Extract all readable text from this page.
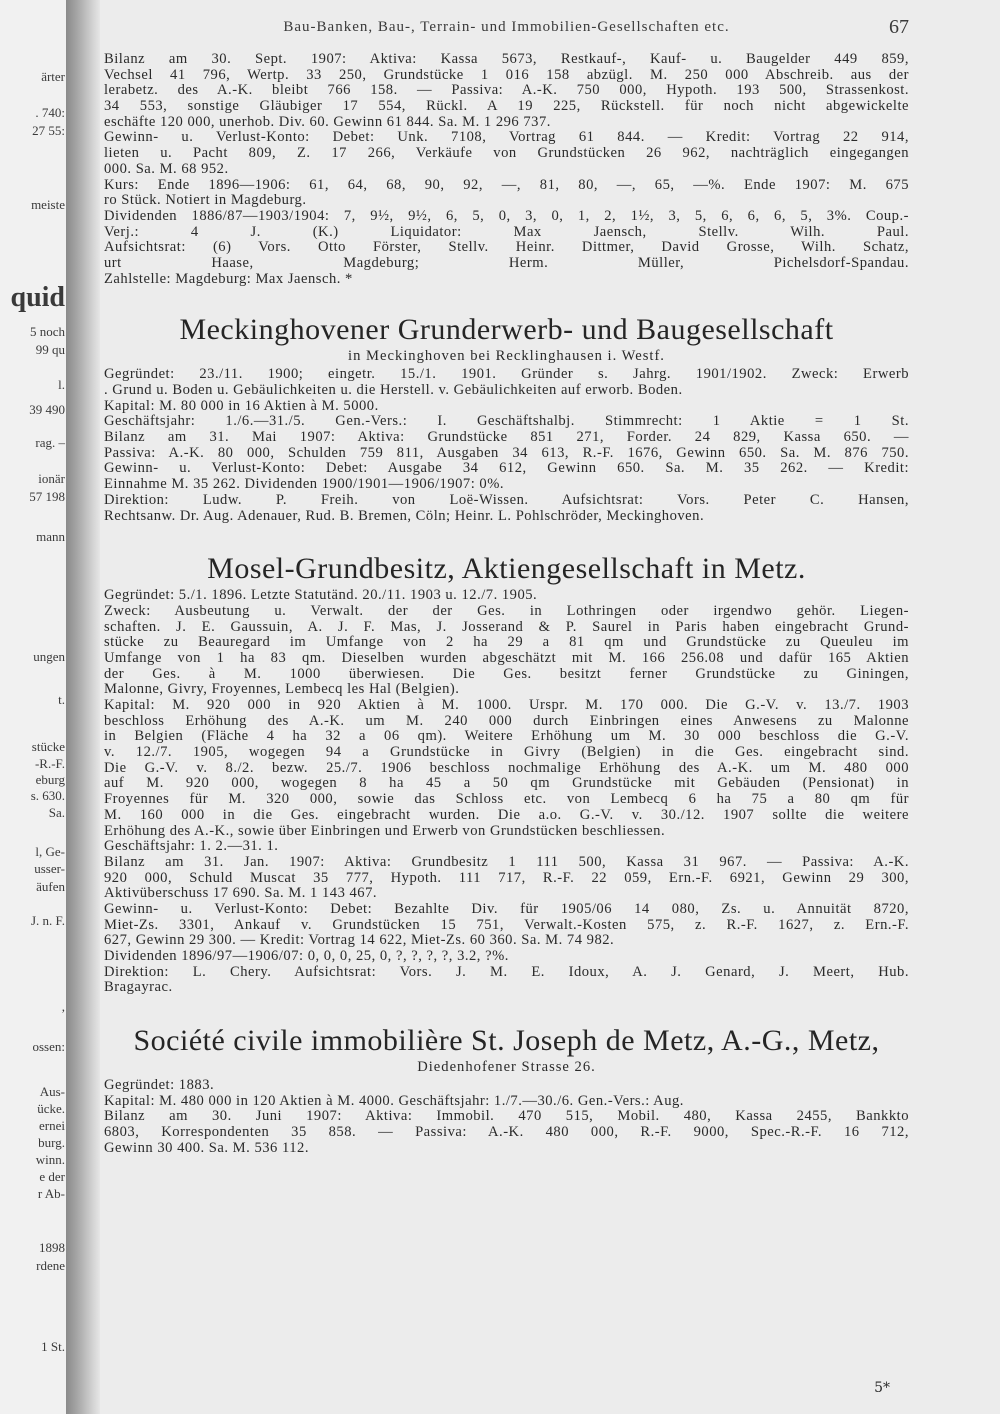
ärter
. 740:
27 55:
meiste
quid
5 noch
99 qu
l.
39 490
rag. –
ionär
57 198
mann
ungen
t.
stücke
-R.-F.
eburg
s. 630.
Sa.
l, Ge-
usser-
äufen
J. n. F.
,
ossen:
Aus-
ücke.
ernei
burg.
winn.
e der
r Ab-
1898
rdene
1 St.
Bau-Banken, Bau-, Terrain- und Immobilien-Gesellschaften etc.	67
Bilanz am 30. Sept. 1907: Aktiva: Kassa 5673, Restkauf-, Kauf- u. Baugelder 449 859,
Vechsel 41 796, Wertp. 33 250, Grundstücke 1 016 158 abzügl. M. 250 000 Abschreib. aus der
lerabetz. des A.-K. bleibt 766 158. — Passiva: A.-K. 750 000, Hypoth. 193 500, Strassenkost.
34 553, sonstige Gläubiger 17 554, Rückl. A 19 225, Rückstell. für noch nicht abgewickelte
eschäfte 120 000, unerhob. Div. 60. Gewinn 61 844. Sa. M. 1 296 737.
Gewinn- u. Verlust-Konto: Debet: Unk. 7108, Vortrag 61 844. — Kredit: Vortrag 22 914,
lieten u. Pacht 809, Z. 17 266, Verkäufe von Grundstücken 26 962, nachträglich eingegangen
000. Sa. M. 68 952.
Kurs: Ende 1896—1906: 61, 64, 68, 90, 92, —, 81, 80, —, 65, —%. Ende 1907: M. 675
ro Stück. Notiert in Magdeburg.
Dividenden 1886/87—1903/1904: 7, 9½, 9½, 6, 5, 0, 3, 0, 1, 2, 1½, 3, 5, 6, 6, 6, 5, 3%. Coup.-
Verj.: 4 J. (K.) Liquidator: Max Jaensch, Stellv. Wilh. Paul.
Aufsichtsrat: (6) Vors. Otto Förster, Stellv. Heinr. Dittmer, David Grosse, Wilh. Schatz,
urt Haase, Magdeburg; Herm. Müller, Pichelsdorf-Spandau.
Zahlstelle: Magdeburg: Max Jaensch. *
Meckinghovener Grunderwerb- und Baugesellschaft
in Meckinghoven bei Recklinghausen i. Westf.
Gegründet: 23./11. 1900; eingetr. 15./1. 1901. Gründer s. Jahrg. 1901/1902. Zweck: Erwerb
. Grund u. Boden u. Gebäulichkeiten u. die Herstell. v. Gebäulichkeiten auf erworb. Boden.
Kapital: M. 80 000 in 16 Aktien à M. 5000.
Geschäftsjahr: 1./6.—31./5. Gen.-Vers.: I. Geschäftshalbj. Stimmrecht: 1 Aktie = 1 St.
Bilanz am 31. Mai 1907: Aktiva: Grundstücke 851 271, Forder. 24 829, Kassa 650. —
Passiva: A.-K. 80 000, Schulden 759 811, Ausgaben 34 613, R.-F. 1676, Gewinn 650. Sa. M. 876 750.
Gewinn- u. Verlust-Konto: Debet: Ausgabe 34 612, Gewinn 650. Sa. M. 35 262. — Kredit:
Einnahme M. 35 262. Dividenden 1900/1901—1906/1907: 0%.
Direktion: Ludw. P. Freih. von Loë-Wissen. Aufsichtsrat: Vors. Peter C. Hansen,
Rechtsanw. Dr. Aug. Adenauer, Rud. B. Bremen, Cöln; Heinr. L. Pohlschröder, Meckinghoven.
Mosel-Grundbesitz, Aktiengesellschaft in Metz.
Gegründet: 5./1. 1896. Letzte Statutänd. 20./11. 1903 u. 12./7. 1905.
Zweck: Ausbeutung u. Verwalt. der der Ges. in Lothringen oder irgendwo gehör. Liegen-
schaften. J. E. Gaussuin, A. J. F. Mas, J. Josserand & P. Saurel in Paris haben eingebracht Grund-
stücke zu Beauregard im Umfange von 2 ha 29 a 81 qm und Grundstücke zu Queuleu im
Umfange von 1 ha 83 qm. Dieselben wurden abgeschätzt mit M. 166 256.08 und dafür 165 Aktien
der Ges. à M. 1000 überwiesen. Die Ges. besitzt ferner Grundstücke zu Giningen,
Malonne, Givry, Froyennes, Lembecq les Hal (Belgien).
Kapital: M. 920 000 in 920 Aktien à M. 1000. Urspr. M. 170 000. Die G.-V. v. 13./7. 1903
beschloss Erhöhung des A.-K. um M. 240 000 durch Einbringen eines Anwesens zu Malonne
in Belgien (Fläche 4 ha 32 a 06 qm). Weitere Erhöhung um M. 30 000 beschloss die G.-V.
v. 12./7. 1905, wogegen 94 a Grundstücke in Givry (Belgien) in die Ges. eingebracht sind.
Die G.-V. v. 8./2. bezw. 25./7. 1906 beschloss nochmalige Erhöhung des A.-K. um M. 480 000
auf M. 920 000, wogegen 8 ha 45 a 50 qm Grundstücke mit Gebäuden (Pensionat) in
Froyennes für M. 320 000, sowie das Schloss etc. von Lembecq 6 ha 75 a 80 qm für
M. 160 000 in die Ges. eingebracht wurden. Die a.o. G.-V. v. 30./12. 1907 sollte die weitere
Erhöhung des A.-K., sowie über Einbringen und Erwerb von Grundstücken beschliessen.
Geschäftsjahr: 1. 2.—31. 1.
Bilanz am 31. Jan. 1907: Aktiva: Grundbesitz 1 111 500, Kassa 31 967. — Passiva: A.-K.
920 000, Schuld Muscat 35 777, Hypoth. 111 717, R.-F. 22 059, Ern.-F. 6921, Gewinn 29 300,
Aktivüberschuss 17 690. Sa. M. 1 143 467.
Gewinn- u. Verlust-Konto: Debet: Bezahlte Div. für 1905/06 14 080, Zs. u. Annuität 8720,
Miet-Zs. 3301, Ankauf v. Grundstücken 15 751, Verwalt.-Kosten 575, z. R.-F. 1627, z. Ern.-F.
627, Gewinn 29 300. — Kredit: Vortrag 14 622, Miet-Zs. 60 360. Sa. M. 74 982.
Dividenden 1896/97—1906/07: 0, 0, 0, 25, 0, ?, ?, ?, ?, 3.2, ?%.
Direktion: L. Chery. Aufsichtsrat: Vors. J. M. E. Idoux, A. J. Genard, J. Meert, Hub.
Bragayrac.
Société civile immobilière St. Joseph de Metz, A.-G., Metz,
Diedenhofener Strasse 26.
Gegründet: 1883.
Kapital: M. 480 000 in 120 Aktien à M. 4000. Geschäftsjahr: 1./7.—30./6. Gen.-Vers.: Aug.
Bilanz am 30. Juni 1907: Aktiva: Immobil. 470 515, Mobil. 480, Kassa 2455, Bankkto
6803, Korrespondenten 35 858. — Passiva: A.-K. 480 000, R.-F. 9000, Spec.-R.-F. 16 712,
Gewinn 30 400. Sa. M. 536 112.
5*
